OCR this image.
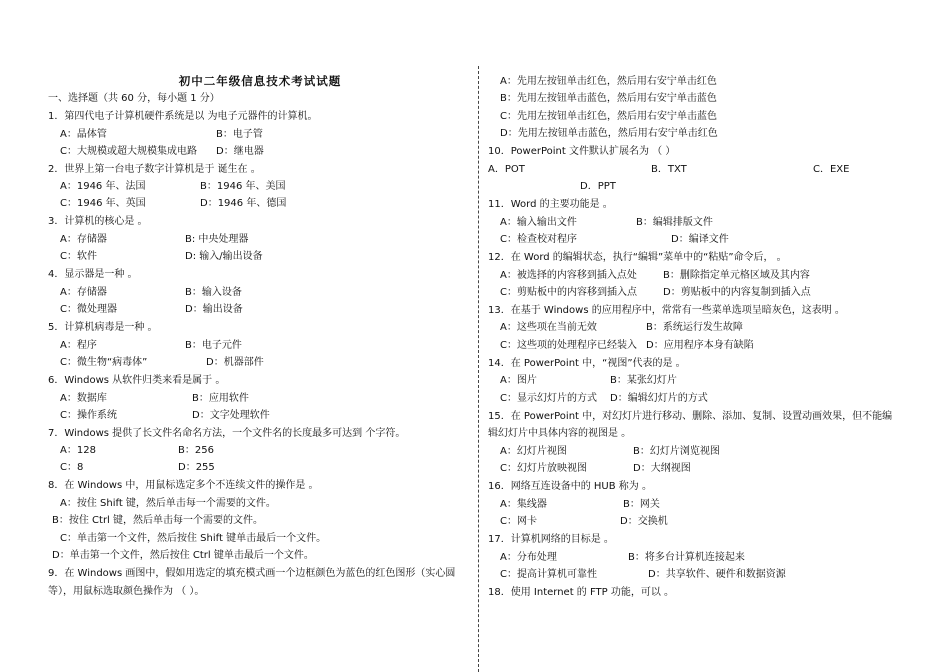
初中二年级信息技术考试试题
一、选择题（共 60 分，每小题 1 分）
1．第四代电子计算机硬件系统是以 为电子元器件的计算机。
A：晶体管	B：电子管
C：大规模或超大规模集成电路 D：继电器
2．世界上第一台电子数字计算机是于 诞生在 。
A：1946 年、法国	B：1946 年、美国
C：1946 年、英国	D：1946 年、德国
3．计算机的核心是 。
A：存储器	B: 中央处理器
C：软件	D: 输入/输出设备
4．显示器是一种 。
A：存储器	B：输入设备
C：微处理器	D：输出设备
5．计算机病毒是一种 。
A：程序	B：电子元件
C：微生物“病毒体”	D：机器部件
6．Windows 从软件归类来看是属于 。
A：数据库	B：应用软件
C：操作系统	D：文字处理软件
7．Windows 提供了长文件名命名方法，一个文件名的长度最多可达到 个字符。
A：128	B：256
C：8	D：255
8．在 Windows 中，用鼠标选定多个不连续文件的操作是 。
A：按住 Shift 键，然后单击每一个需要的文件。
B：按住 Ctrl 键，然后单击每一个需要的文件。
C：单击第一个文件，然后按住 Shift 键单击最后一个文件。
D：单击第一个文件，然后按住 Ctrl 键单击最后一个文件。
9．在 Windows 画图中，假如用选定的填充模式画一个边框颜色为蓝色的红色图形（实心圆
等），用鼠标选取颜色操作为 （ ）。
A：先用左按钮单击红色，然后用右安宁单击红色
B：先用左按钮单击蓝色，然后用右安宁单击蓝色
C：先用左按钮单击红色，然后用右安宁单击蓝色
D：先用左按钮单击蓝色，然后用右安宁单击红色
10．PowerPoint 文件默认扩展名为 （ ）
A．POT	B．TXT	C．EXE
D．PPT
11．Word 的主要功能是 。
A：输入输出文件	B：编辑排版文件
C：检查校对程序	D：编译文件
12．在 Word 的编辑状态，执行“编辑”菜单中的“粘贴”命令后， 。
A：被选择的内容移到插入点处	B：删除指定单元格区域及其内容
C：剪贴板中的内容移到插入点	D：剪贴板中的内容复制到插入点
13．在基于 Windows 的应用程序中，常常有一些菜单选项呈暗灰色，这表明 。
A：这些项在当前无效	B：系统运行发生故障
C：这些项的处理程序已经装入 D：应用程序本身有缺陷
14．在 PowerPoint 中，“视图”代表的是 。
A：图片	B：某张幻灯片
C：显示幻灯片的方式 D：编辑幻灯片的方式
15．在 PowerPoint 中，对幻灯片进行移动、删除、添加、复制、设置动画效果，但不能编
辑幻灯片中具体内容的视图是 。
A：幻灯片视图	B：幻灯片浏览视图
C：幻灯片放映视图	D：大纲视图
16．网络互连设备中的 HUB 称为 。
A：集线器	B：网关
C：网卡	D：交换机
17．计算机网络的目标是 。
A：分布处理	B：将多台计算机连接起来
C：提高计算机可靠性	D：共享软件、硬件和数据资源
18．使用 Internet 的 FTP 功能，可以 。
